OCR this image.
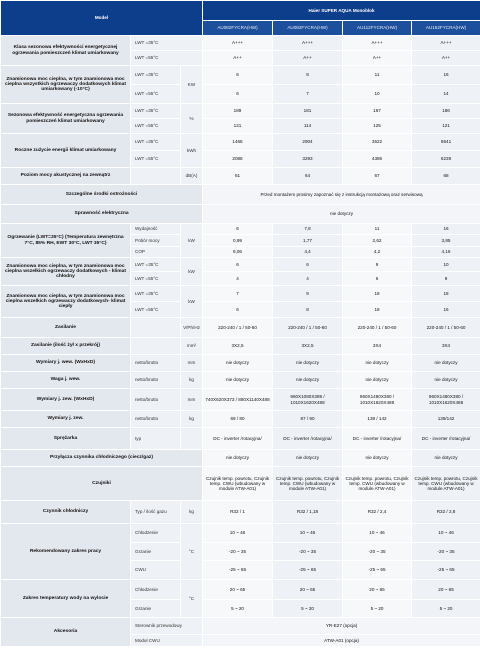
Model			Haier SUPER AQUA Monoblok			
			AU082FYCRA(HW)	AU082FYCRA(HW)	AU112FYCRA(HW)	AU162FYCRA(HW)
Klasa sezonowa efektywności energetycznej ogrzewania pomieszczeń klimat umiarkowany	LWT =35°C		A+++	A+++	A+++	A+++
	LWT =55°C		A++	A++	A++	A++
Znamionowa moc cieplna, w tym znamionowa moc cieplna wszystkich ogrzewaczy dodatkowych klimat umiarkowany (-10°C)	LWT =35°C	KW	6	8	11	16
	LWT =55°C		6	7	10	14
Sezonowa efektywność energetyczna ogrzewania pomieszczeń klimat umiarkowany	LWT =35°C	%	189	181	167	186
	LWT =55°C		121	114	125	121
Roczne zużycie energii klimat umiarkowany	LWT =35°C	kWh	1468	2904	3622	6641
	LWT =55°C		2088	3293	4386	6239
Poziom mocy akustycznej na zewnątrz		dB(A)	61	64	67	68
Szczególne środki ostrożności			Przed montażem prosimy zapoznać się z instrukcją montażową oraz serwisową			
Sprawność elektryczna			nie dotyczy			
Ogrzewanie (LWT=35°C) (Temperatura zewnętrzna 7°C, 85% RH, EWT 30°C, LWT 35°C)	Wydajność	kW	6	7,8	11	16
	Pobór mocy		0,99	1,77	2,62	3,85
	COP		6,06	4,4	4,2	4,16
Znamionowa moc cieplna, w tym znamionowa moc cieplna wszelkich ogrzewaczy dodatkowych - klimat chłodny	LWT =35°C	kW	6	6	9	10
	LWT =55°C		4	4	6	9
Znamionowa moc cieplna, w tym znamionowa moc cieplna wszelkich ogrzewaczy dodatkowych- klimat ciepły	LWT =35°C	kW	7	9	18	18
	LWT =55°C		6	8	18	16
Zasilanie		V/Ph/Hz	220-240 / 1 / 50-60	220-240 / 1 / 50-60	220-240 / 1 / 50-60	220-240 / 1 / 50-60
Zasilanie (ilość żył x przekrój)		mm²	3X2,5	3X2,5	3X4	3X4
Wymiary j. wew. (WxHxD)	netto/brutto	mm	nie dotyczy	nie dotyczy	nie dotyczy	nie dotyczy
Waga j. wew.	netto/brutto	kg	nie dotyczy	nie dotyczy	nie dotyczy	nie dotyczy
Wymiary j. zew. (WxHxD)	netto/brutto	mm	740X620X373 / 880X1140X488	960X1080X389 / 1010X1620X488	960X1480X380 / 1010X1620X488	960X1480X380 / 1010X1620X488
Wymiary j. zew.	netto/brutto	kg	69 / 80	87 / 90	139 / 142	139/142
Sprężarka	typ		DC - inverter /rotacyjna/	DC - inverter /rotacyjna/	DC - inverter /rotacyjna/	DC - inverter /rotacyjna/
Przyłącza czynnika chłodniczego (ciecz/gaz)			nie dotyczy	nie dotyczy	nie dotyczy	nie dotyczy
Czujniki			Czujnik temp. powrotu, Czujnik temp. CWU (wbudowany w module ATW-A01)	Czujnik temp. powrotu, Czujnik temp. CWU (wbudowany w module ATW-A01)	Czujnik temp. powrotu, Czujnik temp. CWU (wbudowany w module ATW-A01)	Czujnik temp. powrotu, Czujnik temp. CWU (wbudowany w module ATW-A01)
Czynnik chłodniczy	Typ / ilość gazu	kg	R32 / 1	R32 / 1,18	R32 / 2,4	R32 / 2,8
Rekomendowany zakres pracy	Chłodzenie	°C	10 ~ 46	10 ~ 46	10 ~ 46	10 ~ 46
	Grzanie		-20 ~ 35	-20 ~ 35	-20 ~ 35	-20 ~ 35
	CWU		-25 ~ 65	-25 ~ 65	-25 ~ 65	-25 ~ 65
Zakres temperatury wody na wylocie	Chłodzenie	°C	20 ~ 65	20 ~ 65	20 ~ 65	20 ~ 65
	Grzanie		5 ~ 20	5 ~ 20	5 ~ 20	5 ~ 20
Akcesoria	Sterownik przewodowy		YR-E27 (opcja)			
	Moduł CWU		ATW-A01 (opcja)			
